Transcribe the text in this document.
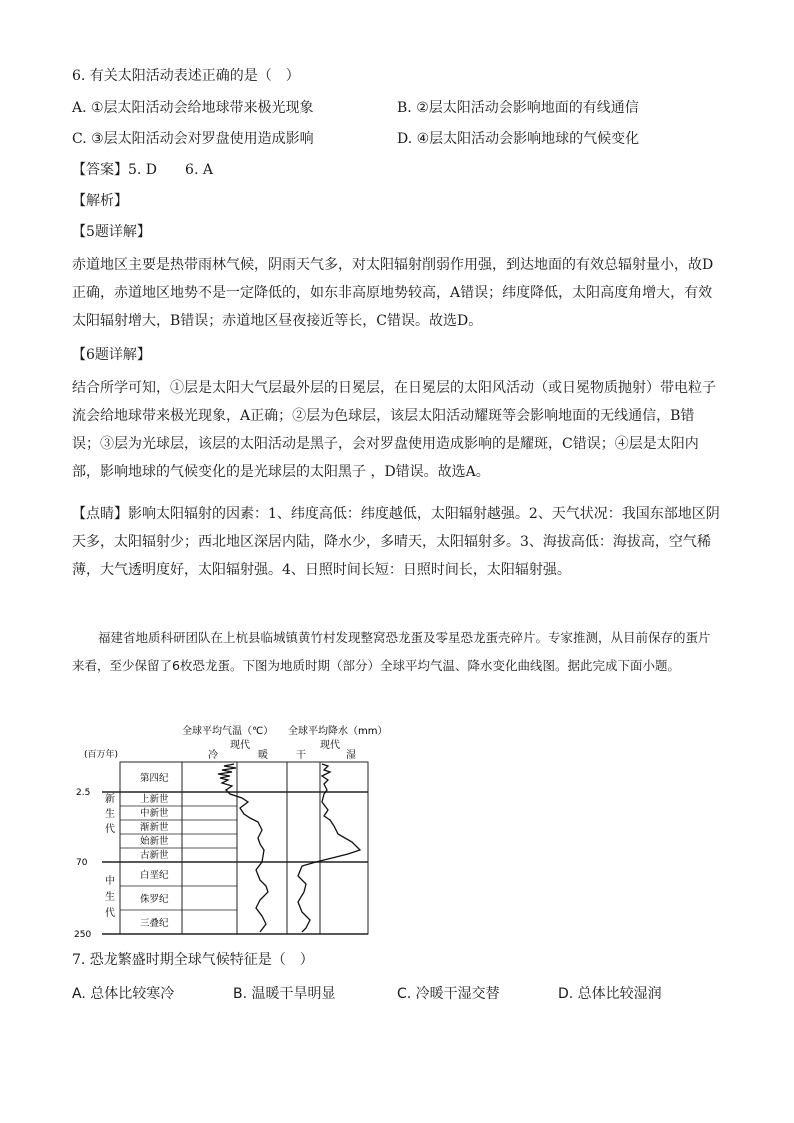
6. 有关太阳活动表述正确的是（　）
A. ①层太阳活动会给地球带来极光现象	B. ②层太阳活动会影响地面的有线通信
C. ③层太阳活动会对罗盘使用造成影响	D. ④层太阳活动会影响地球的气候变化
【答案】5. D　　6. A
【解析】
【5题详解】
赤道地区主要是热带雨林气候，阴雨天气多，对太阳辐射削弱作用强，到达地面的有效总辐射量小，故D正确，赤道地区地势不是一定降低的，如东非高原地势较高，A错误；纬度降低，太阳高度角增大，有效太阳辐射增大，B错误；赤道地区昼夜接近等长，C错误。故选D。
【6题详解】
结合所学可知，①层是太阳大气层最外层的日冕层，在日冕层的太阳风活动（或日冕物质抛射）带电粒子流会给地球带来极光现象，A正确；②层为色球层，该层太阳活动耀斑等会影响地面的无线通信，B错误；③层为光球层，该层的太阳活动是黑子，会对罗盘使用造成影响的是耀斑，C错误；④层是太阳内部，影响地球的气候变化的是光球层的太阳黑子 ，D错误。故选A。
【点睛】影响太阳辐射的因素：1、纬度高低：纬度越低，太阳辐射越强。2、天气状况：我国东部地区阴天多，太阳辐射少；西北地区深居内陆，降水少，多晴天，太阳辐射多。3、海拔高低：海拔高，空气稀薄，大气透明度好，太阳辐射强。4、日照时间长短：日照时间长，太阳辐射强。
福建省地质科研团队在上杭县临城镇黄竹村发现整窝恐龙蛋及零星恐龙蛋壳碎片。专家推测，从目前保存的蛋片来看，至少保留了6枚恐龙蛋。下图为地质时期（部分）全球平均气温、降水变化曲线图。据此完成下面小题。
全球平均气温（℃） 全球平均降水（mm）
现代	现代
冷	暖	干	湿
(百万年)
2.5
70
250
新
生
代
中
生
代
第四纪
上新世
中新世
渐新世
始新世
古新世
白垩纪
侏罗纪
三叠纪
7. 恐龙繁盛时期全球气候特征是（　）
A. 总体比较寒冷	B. 温暖干旱明显	C. 冷暖干湿交替	D. 总体比较湿润
